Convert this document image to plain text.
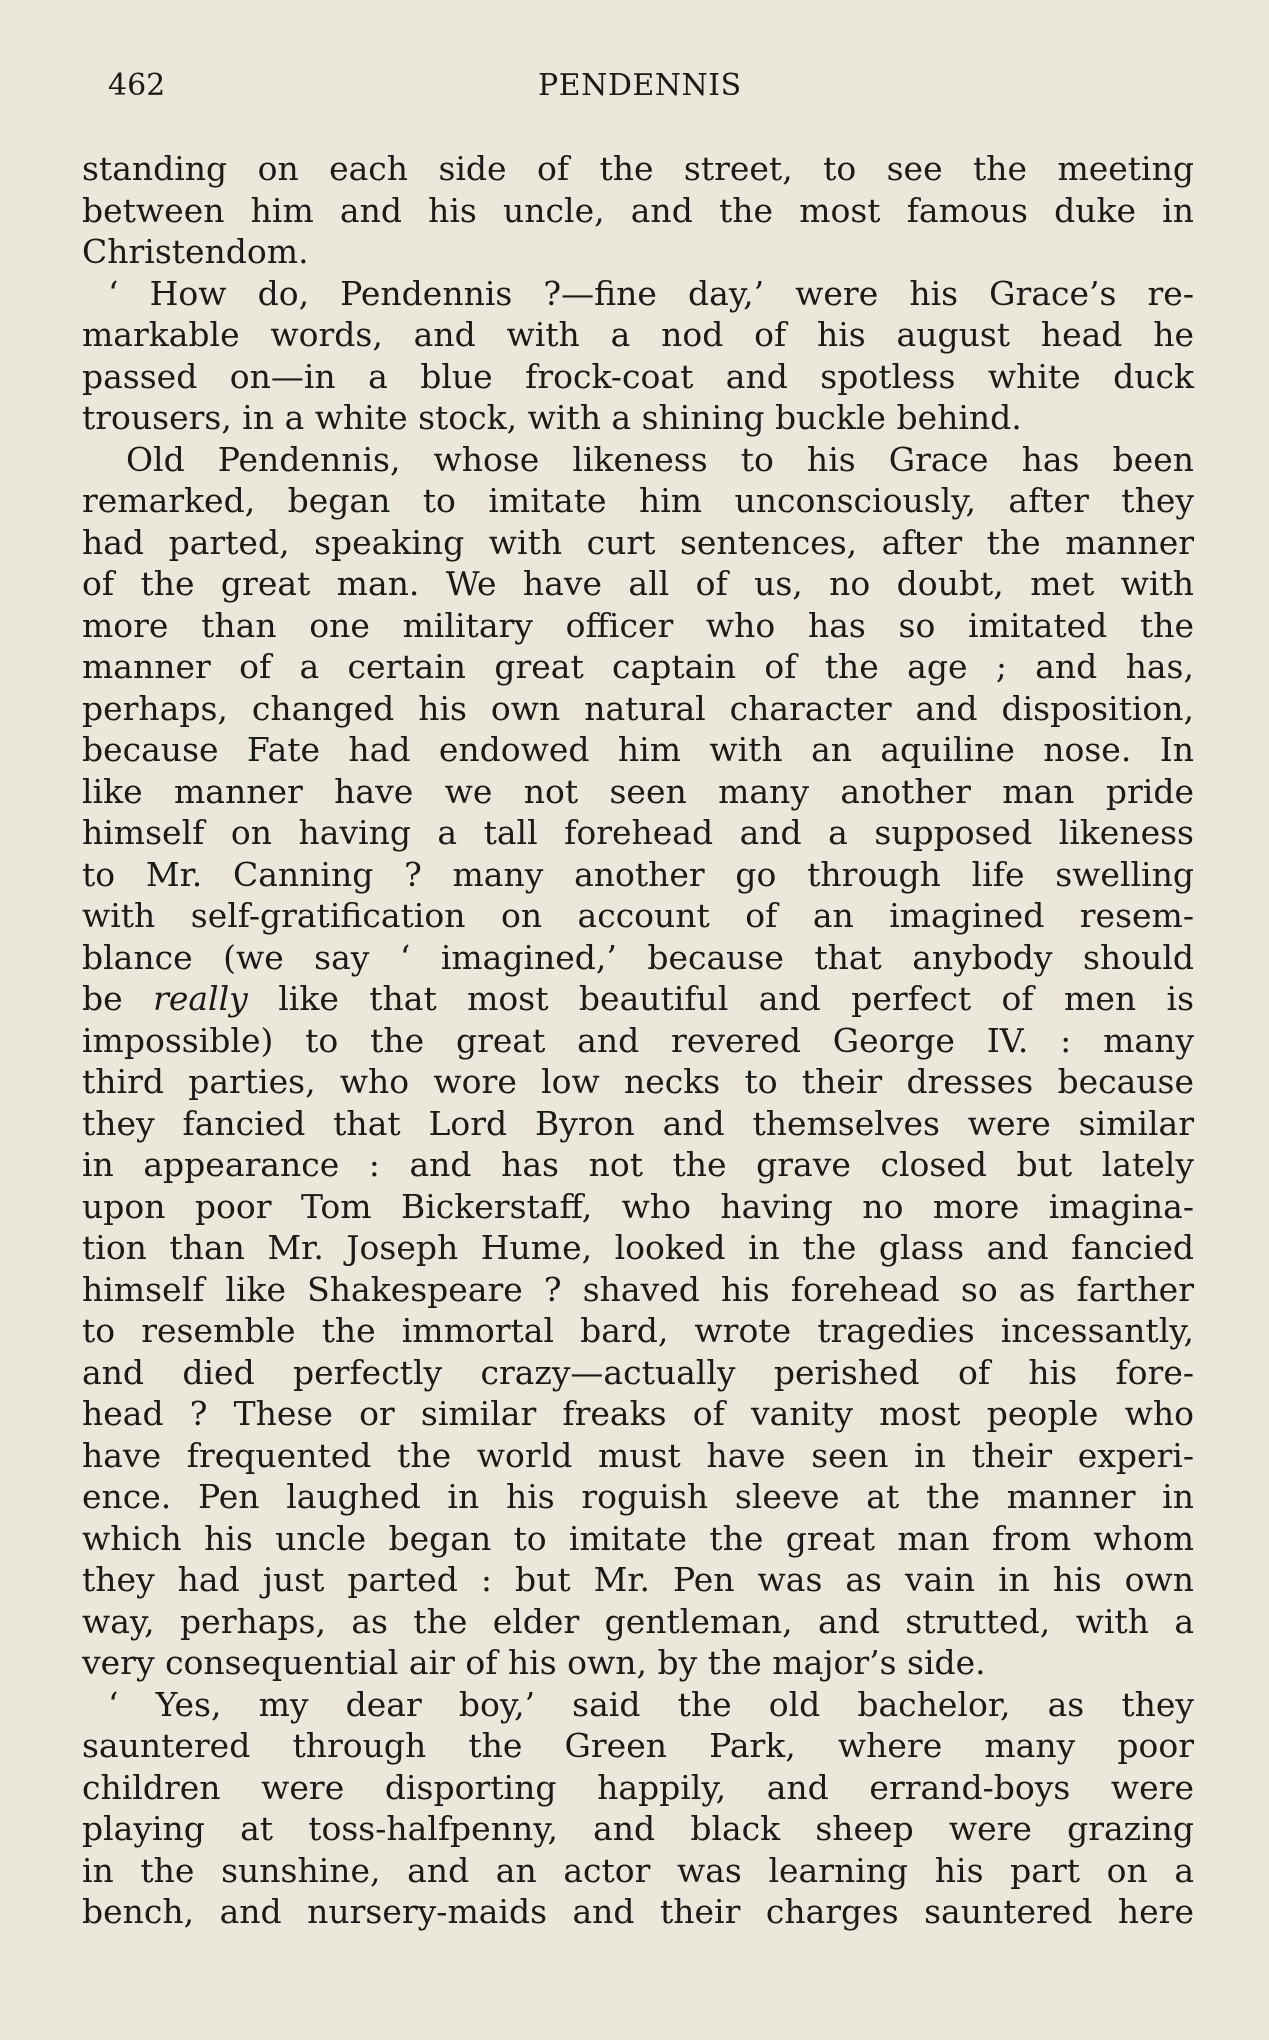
462	PENDENNIS
standing on each side of the street, to see the meeting
between him and his uncle, and the most famous duke in
Christendom.
‘ How do, Pendennis ?—fine day,’ were his Grace’s re-
markable words, and with a nod of his august head he
passed on—in a blue frock-coat and spotless white duck
trousers, in a white stock, with a shining buckle behind.
Old Pendennis, whose likeness to his Grace has been
remarked, began to imitate him unconsciously, after they
had parted, speaking with curt sentences, after the manner
of the great man. We have all of us, no doubt, met with
more than one military officer who has so imitated the
manner of a certain great captain of the age ; and has,
perhaps, changed his own natural character and disposition,
because Fate had endowed him with an aquiline nose. In
like manner have we not seen many another man pride
himself on having a tall forehead and a supposed likeness
to Mr. Canning ? many another go through life swelling
with self-gratification on account of an imagined resem-
blance (we say ‘ imagined,’ because that anybody should
be really like that most beautiful and perfect of men is
impossible) to the great and revered George IV. : many
third parties, who wore low necks to their dresses because
they fancied that Lord Byron and themselves were similar
in appearance : and has not the grave closed but lately
upon poor Tom Bickerstaff, who having no more imagina-
tion than Mr. Joseph Hume, looked in the glass and fancied
himself like Shakespeare ? shaved his forehead so as farther
to resemble the immortal bard, wrote tragedies incessantly,
and died perfectly crazy—actually perished of his fore-
head ? These or similar freaks of vanity most people who
have frequented the world must have seen in their experi-
ence. Pen laughed in his roguish sleeve at the manner in
which his uncle began to imitate the great man from whom
they had just parted : but Mr. Pen was as vain in his own
way, perhaps, as the elder gentleman, and strutted, with a
very consequential air of his own, by the major’s side.
‘ Yes, my dear boy,’ said the old bachelor, as they
sauntered through the Green Park, where many poor
children were disporting happily, and errand-boys were
playing at toss-halfpenny, and black sheep were grazing
in the sunshine, and an actor was learning his part on a
bench, and nursery-maids and their charges sauntered here
